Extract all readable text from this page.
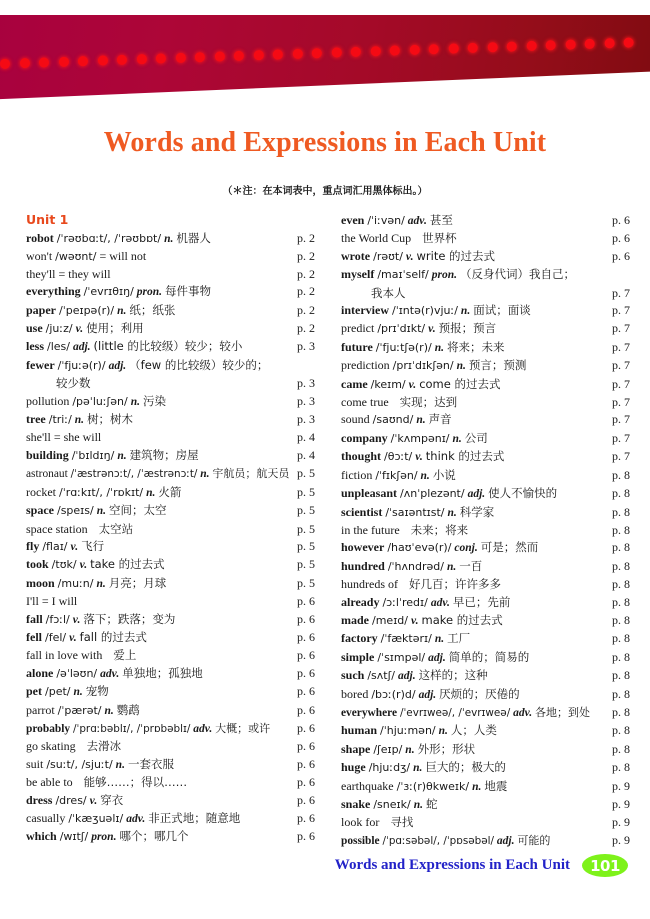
Words and Expressions in Each Unit
（＊注：在本词表中，重点词汇用黑体标出。）
Unit 1
robot /ˈrəʊbɑːt/, /ˈrəʊbɒt/ n. 机器人	p. 2
won't /wəʊnt/ = will not	p. 2
they'll = they will	p. 2
everything /ˈevrɪθɪŋ/ pron. 每件事物	p. 2
paper /ˈpeɪpə(r)/ n. 纸；纸张	p. 2
use /juːz/ v. 使用；利用	p. 2
less /les/ adj. (little 的比较级）较少；较小	p. 3
fewer /ˈfjuːə(r)/ adj. （few 的比较级）较少的；
较少数	p. 3
pollution /pəˈluːʃən/ n. 污染	p. 3
tree /triː/ n. 树；树木	p. 3
she'll = she will	p. 4
building /ˈbɪldɪŋ/ n. 建筑物；房屋	p. 4
astronaut /ˈæstrənɔːt/, /ˈæstrənɔːt/ n. 宇航员；航天员 p. 5
rocket /ˈrɑːkɪt/, /ˈrɒkɪt/ n. 火箭	p. 5
space /speɪs/ n. 空间；太空	p. 5
space station 太空站	p. 5
fly /flaɪ/ v. 飞行	p. 5
took /tʊk/ v. take 的过去式	p. 5
moon /muːn/ n. 月亮；月球	p. 5
I'll = I will	p. 6
fall /fɔːl/ v. 落下；跌落；变为	p. 6
fell /fel/ v. fall 的过去式	p. 6
fall in love with 爱上	p. 6
alone /əˈləʊn/ adv. 单独地；孤独地	p. 6
pet /pet/ n. 宠物	p. 6
parrot /ˈpærət/ n. 鹦鹉	p. 6
probably /ˈprɑːbəblɪ/, /ˈprɒbəblɪ/ adv. 大概；或许	p. 6
go skating 去滑冰	p. 6
suit /suːt/, /sjuːt/ n. 一套衣服	p. 6
be able to 能够……；得以……	p. 6
dress /dres/ v. 穿衣	p. 6
casually /ˈkæʒuəlɪ/ adv. 非正式地；随意地	p. 6
which /wɪtʃ/ pron. 哪个；哪几个	p. 6
even /ˈiːvən/ adv. 甚至	p. 6
the World Cup 世界杯	p. 6
wrote /rəʊt/ v. write 的过去式	p. 6
myself /maɪˈself/ pron. （反身代词）我自己；
我本人	p. 7
interview /ˈɪntə(r)vjuː/ n. 面试；面谈	p. 7
predict /prɪˈdɪkt/ v. 预报；预言	p. 7
future /ˈfjuːtʃə(r)/ n. 将来；未来	p. 7
prediction /prɪˈdɪkʃən/ n. 预言；预测	p. 7
came /keɪm/ v. come 的过去式	p. 7
come true 实现；达到	p. 7
sound /saʊnd/ n. 声音	p. 7
company /ˈkʌmpənɪ/ n. 公司	p. 7
thought /θɔːt/ v. think 的过去式	p. 7
fiction /ˈfɪkʃən/ n. 小说	p. 8
unpleasant /ʌnˈplezənt/ adj. 使人不愉快的	p. 8
scientist /ˈsaɪəntɪst/ n. 科学家	p. 8
in the future 未来；将来	p. 8
however /haʊˈevə(r)/ conj. 可是；然而	p. 8
hundred /ˈhʌndrəd/ n. 一百	p. 8
hundreds of 好几百；许许多多	p. 8
already /ɔːlˈredɪ/ adv. 早已；先前	p. 8
made /meɪd/ v. make 的过去式	p. 8
factory /ˈfæktərɪ/ n. 工厂	p. 8
simple /ˈsɪmpəl/ adj. 简单的；简易的	p. 8
such /sʌtʃ/ adj. 这样的；这种	p. 8
bored /bɔː(r)d/ adj. 厌烦的；厌倦的	p. 8
everywhere /ˈevrɪweə/, /ˈevrɪweə/ adv. 各地；到处	p. 8
human /ˈhjuːmən/ n. 人；人类	p. 8
shape /ʃeɪp/ n. 外形；形状	p. 8
huge /hjuːdʒ/ n. 巨大的；极大的	p. 8
earthquake /ˈɜː(r)θkweɪk/ n. 地震	p. 9
snake /sneɪk/ n. 蛇	p. 9
look for 寻找	p. 9
possible /ˈpɑːsəbəl/, /ˈpɒsəbəl/ adj. 可能的	p. 9
Words and Expressions in Each Unit	101
